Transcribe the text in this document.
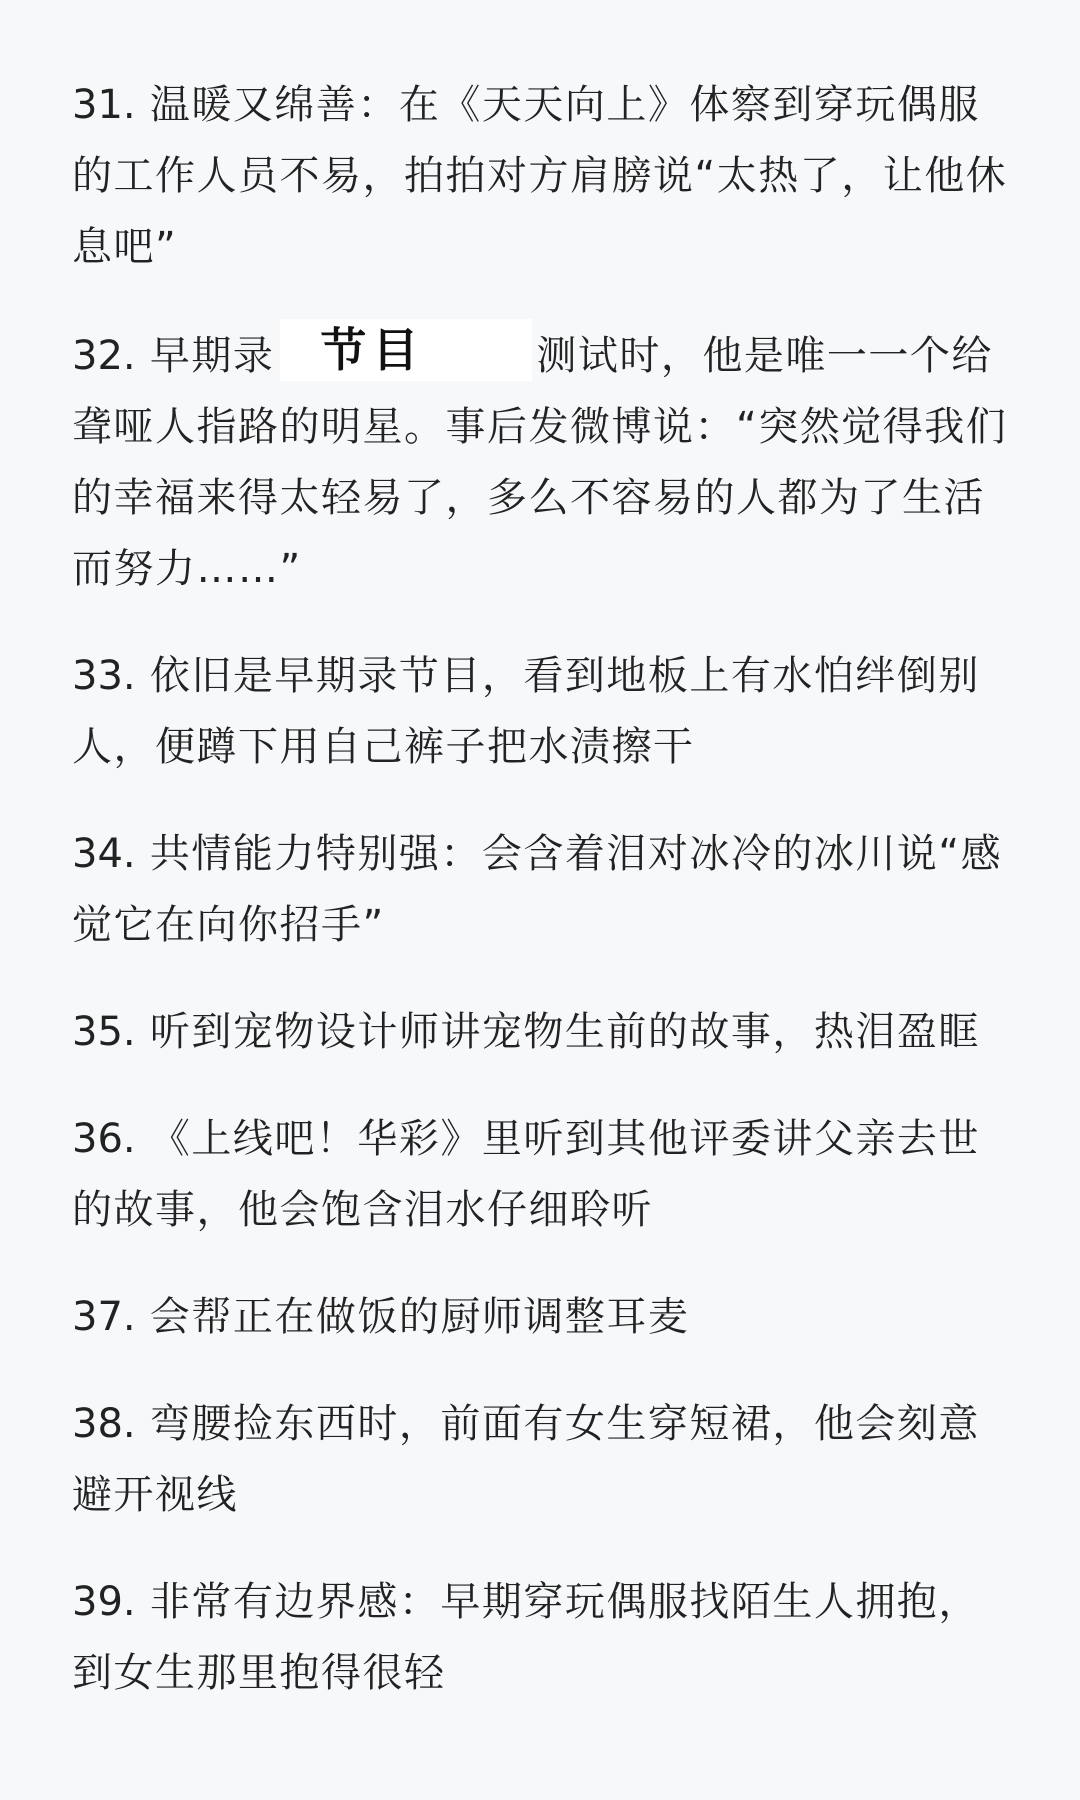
31. 温暖又绵善：在《天天向上》体察到穿玩偶服的工作人员不易，拍拍对方肩膀说“太热了，让他休息吧”
32. 早期录 节目	测试时，他是唯一一个给聋哑人指路的明星。事后发微博说：“突然觉得我们的幸福来得太轻易了，多么不容易的人都为了生活而努力……”
33. 依旧是早期录节目，看到地板上有水怕绊倒别人，便蹲下用自己裤子把水渍擦干
34. 共情能力特别强：会含着泪对冰冷的冰川说“感觉它在向你招手”
35. 听到宠物设计师讲宠物生前的故事，热泪盈眶
36. 《上线吧！华彩》里听到其他评委讲父亲去世的故事，他会饱含泪水仔细聆听
37. 会帮正在做饭的厨师调整耳麦
38. 弯腰捡东西时，前面有女生穿短裙，他会刻意避开视线
39. 非常有边界感：早期穿玩偶服找陌生人拥抱，到女生那里抱得很轻
